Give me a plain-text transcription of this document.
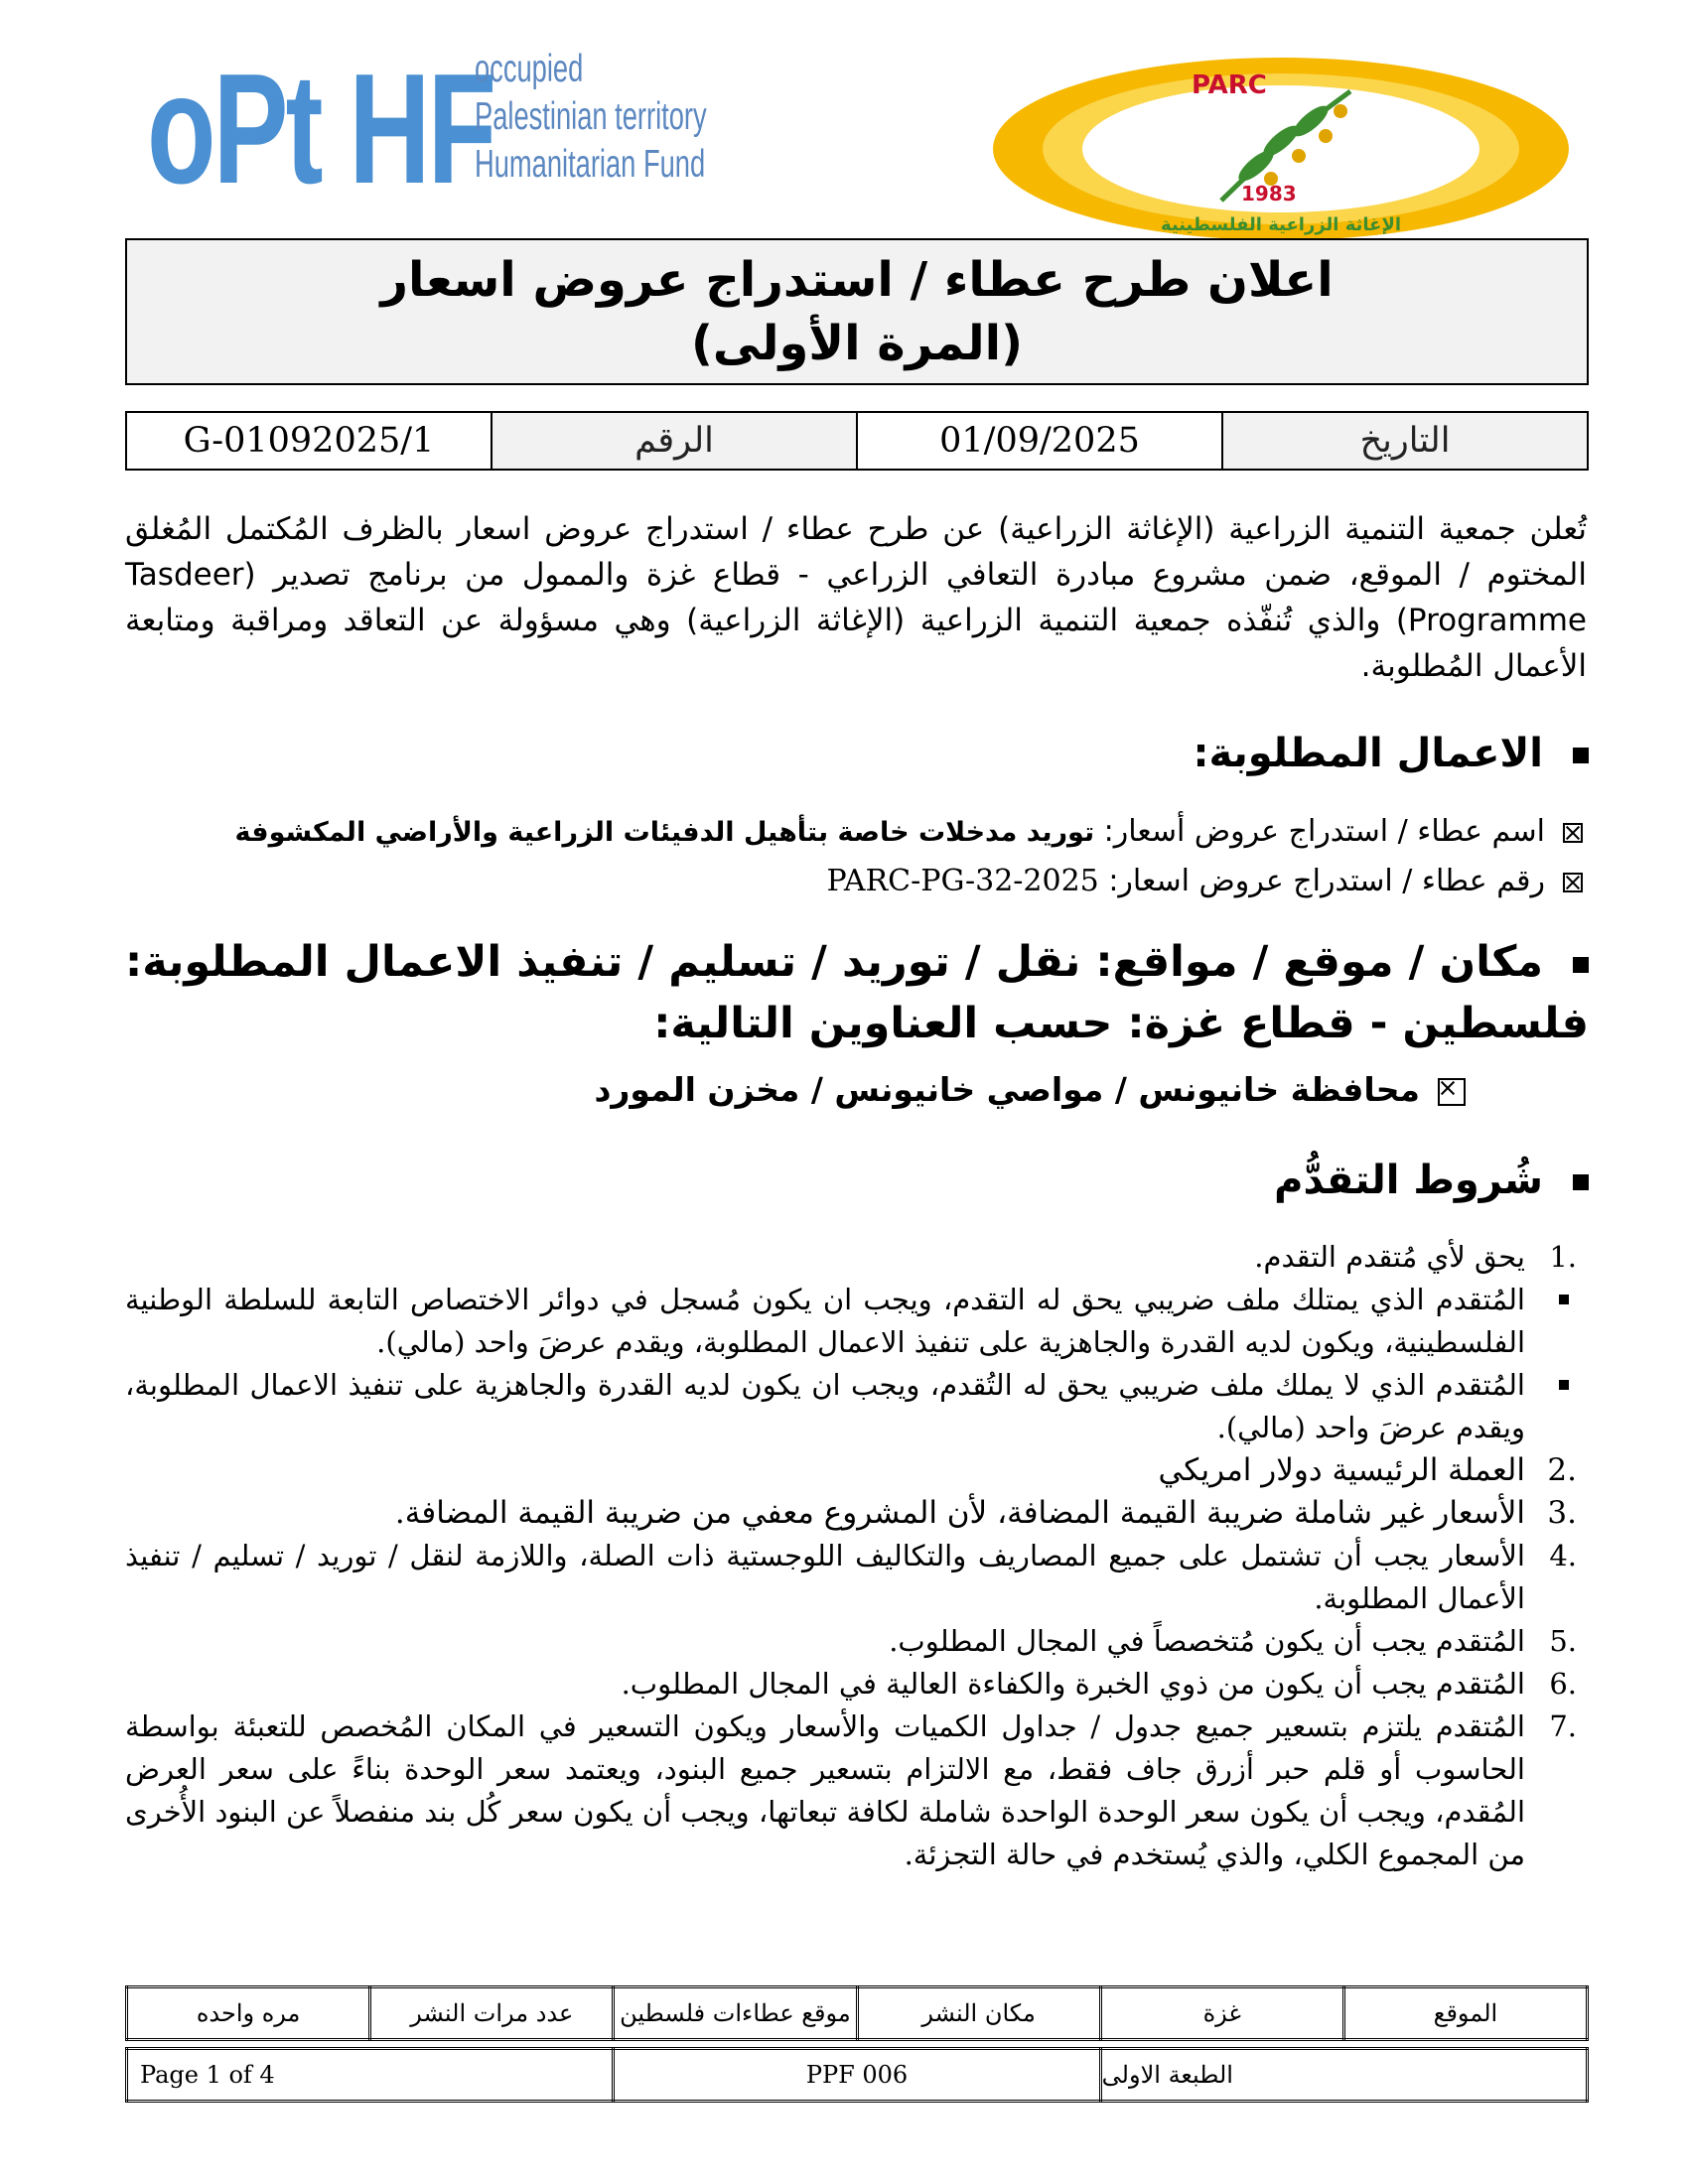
oPt HF
occupied
Palestinian territory
Humanitarian Fund
PARC
1983
الإغاثة الزراعية الفلسطينية
اعلان طرح عطاء / استدراج عروض اسعار
(المرة الأولى)
G-01092025/1	الرقم	01/09/2025	التاريخ
تُعلن جمعية التنمية الزراعية (الإغاثة الزراعية) عن طرح عطاء / استدراج عروض اسعار بالظرف المُكتمل المُغلق المختوم / الموقع، ضمن مشروع مبادرة التعافي الزراعي - قطاع غزة والممول من برنامج تصدير (Tasdeer Programme) والذي تُنفّذه جمعية التنمية الزراعية (الإغاثة الزراعية) وهي مسؤولة عن التعاقد ومراقبة ومتابعة الأعمال المُطلوبة.
الاعمال المطلوبة:
اسم عطاء / استدراج عروض أسعار: توريد مدخلات خاصة بتأهيل الدفيئات الزراعية والأراضي المكشوفة
رقم عطاء / استدراج عروض اسعار: PARC-PG-32-2025
مكان / موقع / مواقع: نقل / توريد / تسليم / تنفيذ الاعمال المطلوبة: فلسطين - قطاع غزة: حسب العناوين التالية:
محافظة خانيونس / مواصي خانيونس / مخزن المورد
شُروط التقدُّم
1.
يحق لأي مُتقدم التقدم.
المُتقدم الذي يمتلك ملف ضريبي يحق له التقدم، ويجب ان يكون مُسجل في دوائر الاختصاص التابعة للسلطة الوطنية الفلسطينية، ويكون لديه القدرة والجاهزية على تنفيذ الاعمال المطلوبة، ويقدم عرضَ واحد (مالي).
المُتقدم الذي لا يملك ملف ضريبي يحق له التُقدم، ويجب ان يكون لديه القدرة والجاهزية على تنفيذ الاعمال المطلوبة، ويقدم عرضَ واحد (مالي).
2.
العملة الرئيسية دولار امريكي
3.
الأسعار غير شاملة ضريبة القيمة المضافة، لأن المشروع معفي من ضريبة القيمة المضافة.
4.
الأسعار يجب أن تشتمل على جميع المصاريف والتكاليف اللوجستية ذات الصلة، واللازمة لنقل / توريد / تسليم / تنفيذ الأعمال المطلوبة.
5.
المُتقدم يجب أن يكون مُتخصصاً في المجال المطلوب.
6.
المُتقدم يجب أن يكون من ذوي الخبرة والكفاءة العالية في المجال المطلوب.
7.
المُتقدم يلتزم بتسعير جميع جدول / جداول الكميات والأسعار ويكون التسعير في المكان المُخصص للتعبئة بواسطة الحاسوب أو قلم حبر أزرق جاف فقط، مع الالتزام بتسعير جميع البنود، ويعتمد سعر الوحدة بناءً على سعر العرض المُقدم، ويجب أن يكون سعر الوحدة الواحدة شاملة لكافة تبعاتها، ويجب أن يكون سعر كُل بند منفصلاً عن البنود الأُخرى من المجموع الكلي، والذي يُستخدم في حالة التجزئة.
الموقع	غزة	مكان النشر	موقع عطاءات فلسطين	عدد مرات النشر	مره واحده
الطبعة الاولى	PPF 006	Page 1 of 4
